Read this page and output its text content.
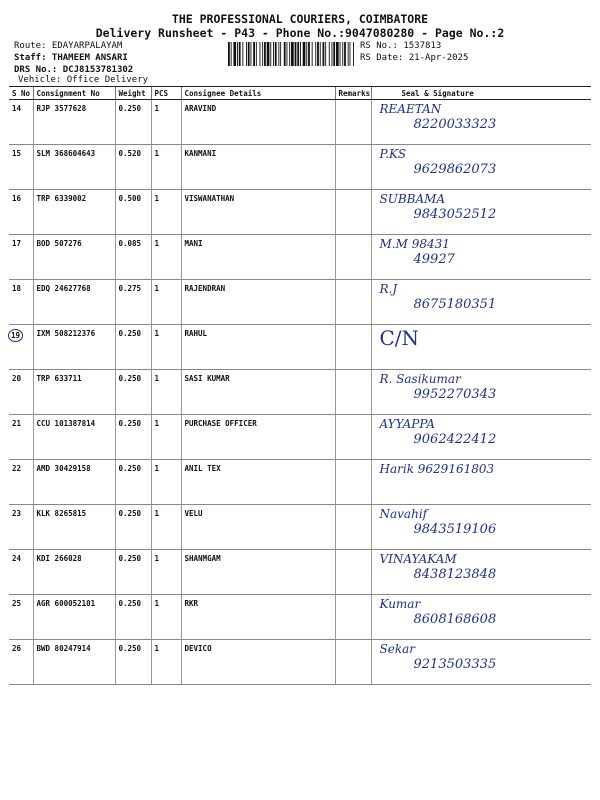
THE PROFESSIONAL COURIERS, COIMBATORE
Delivery Runsheet - P43 - Phone No.:9047080280 - Page No.:2
Route: EDAYARPALAYAM
Staff: THAMEEM ANSARI
DRS No.: DCJ8153781302
Vehicle: Office Delivery
RS No.: 1537813
RS Date: 21-Apr-2025
S No	Consignment No	Weight	PCS	Consignee Details	Remarks	Seal & Signature
14	RJP 3577628	0.250	1	ARAVIND		REAETAN
8220033323

15	SLM 368604643	0.520	1	KANMANI		P.KS
9629862073

16	TRP 6339002	0.500	1	VISWANATHAN		SUBBAMA
9843052512

17	BOD 507276	0.085	1	MANI		M.M 98431
49927

18	EDQ 24627768	0.275	1	RAJENDRAN		R.J
8675180351

19	IXM 508212376	0.250	1	RAHUL		C/N

20	TRP 633711	0.250	1	SASI KUMAR		R. Sasikumar
9952270343

21	CCU 101387814	0.250	1	PURCHASE OFFICER		AYYAPPA
9062422412

22	AMD 30429158	0.250	1	ANIL TEX		Harik 9629161803

23	KLK 8265815	0.250	1	VELU		Navahif
9843519106

24	KDI 266028	0.250	1	SHANMGAM		VINAYAKAM
8438123848

25	AGR 600052101	0.250	1	RKR		Kumar
8608168608

26	BWD 80247914	0.250	1	DEVICO		Sekar
9213503335
